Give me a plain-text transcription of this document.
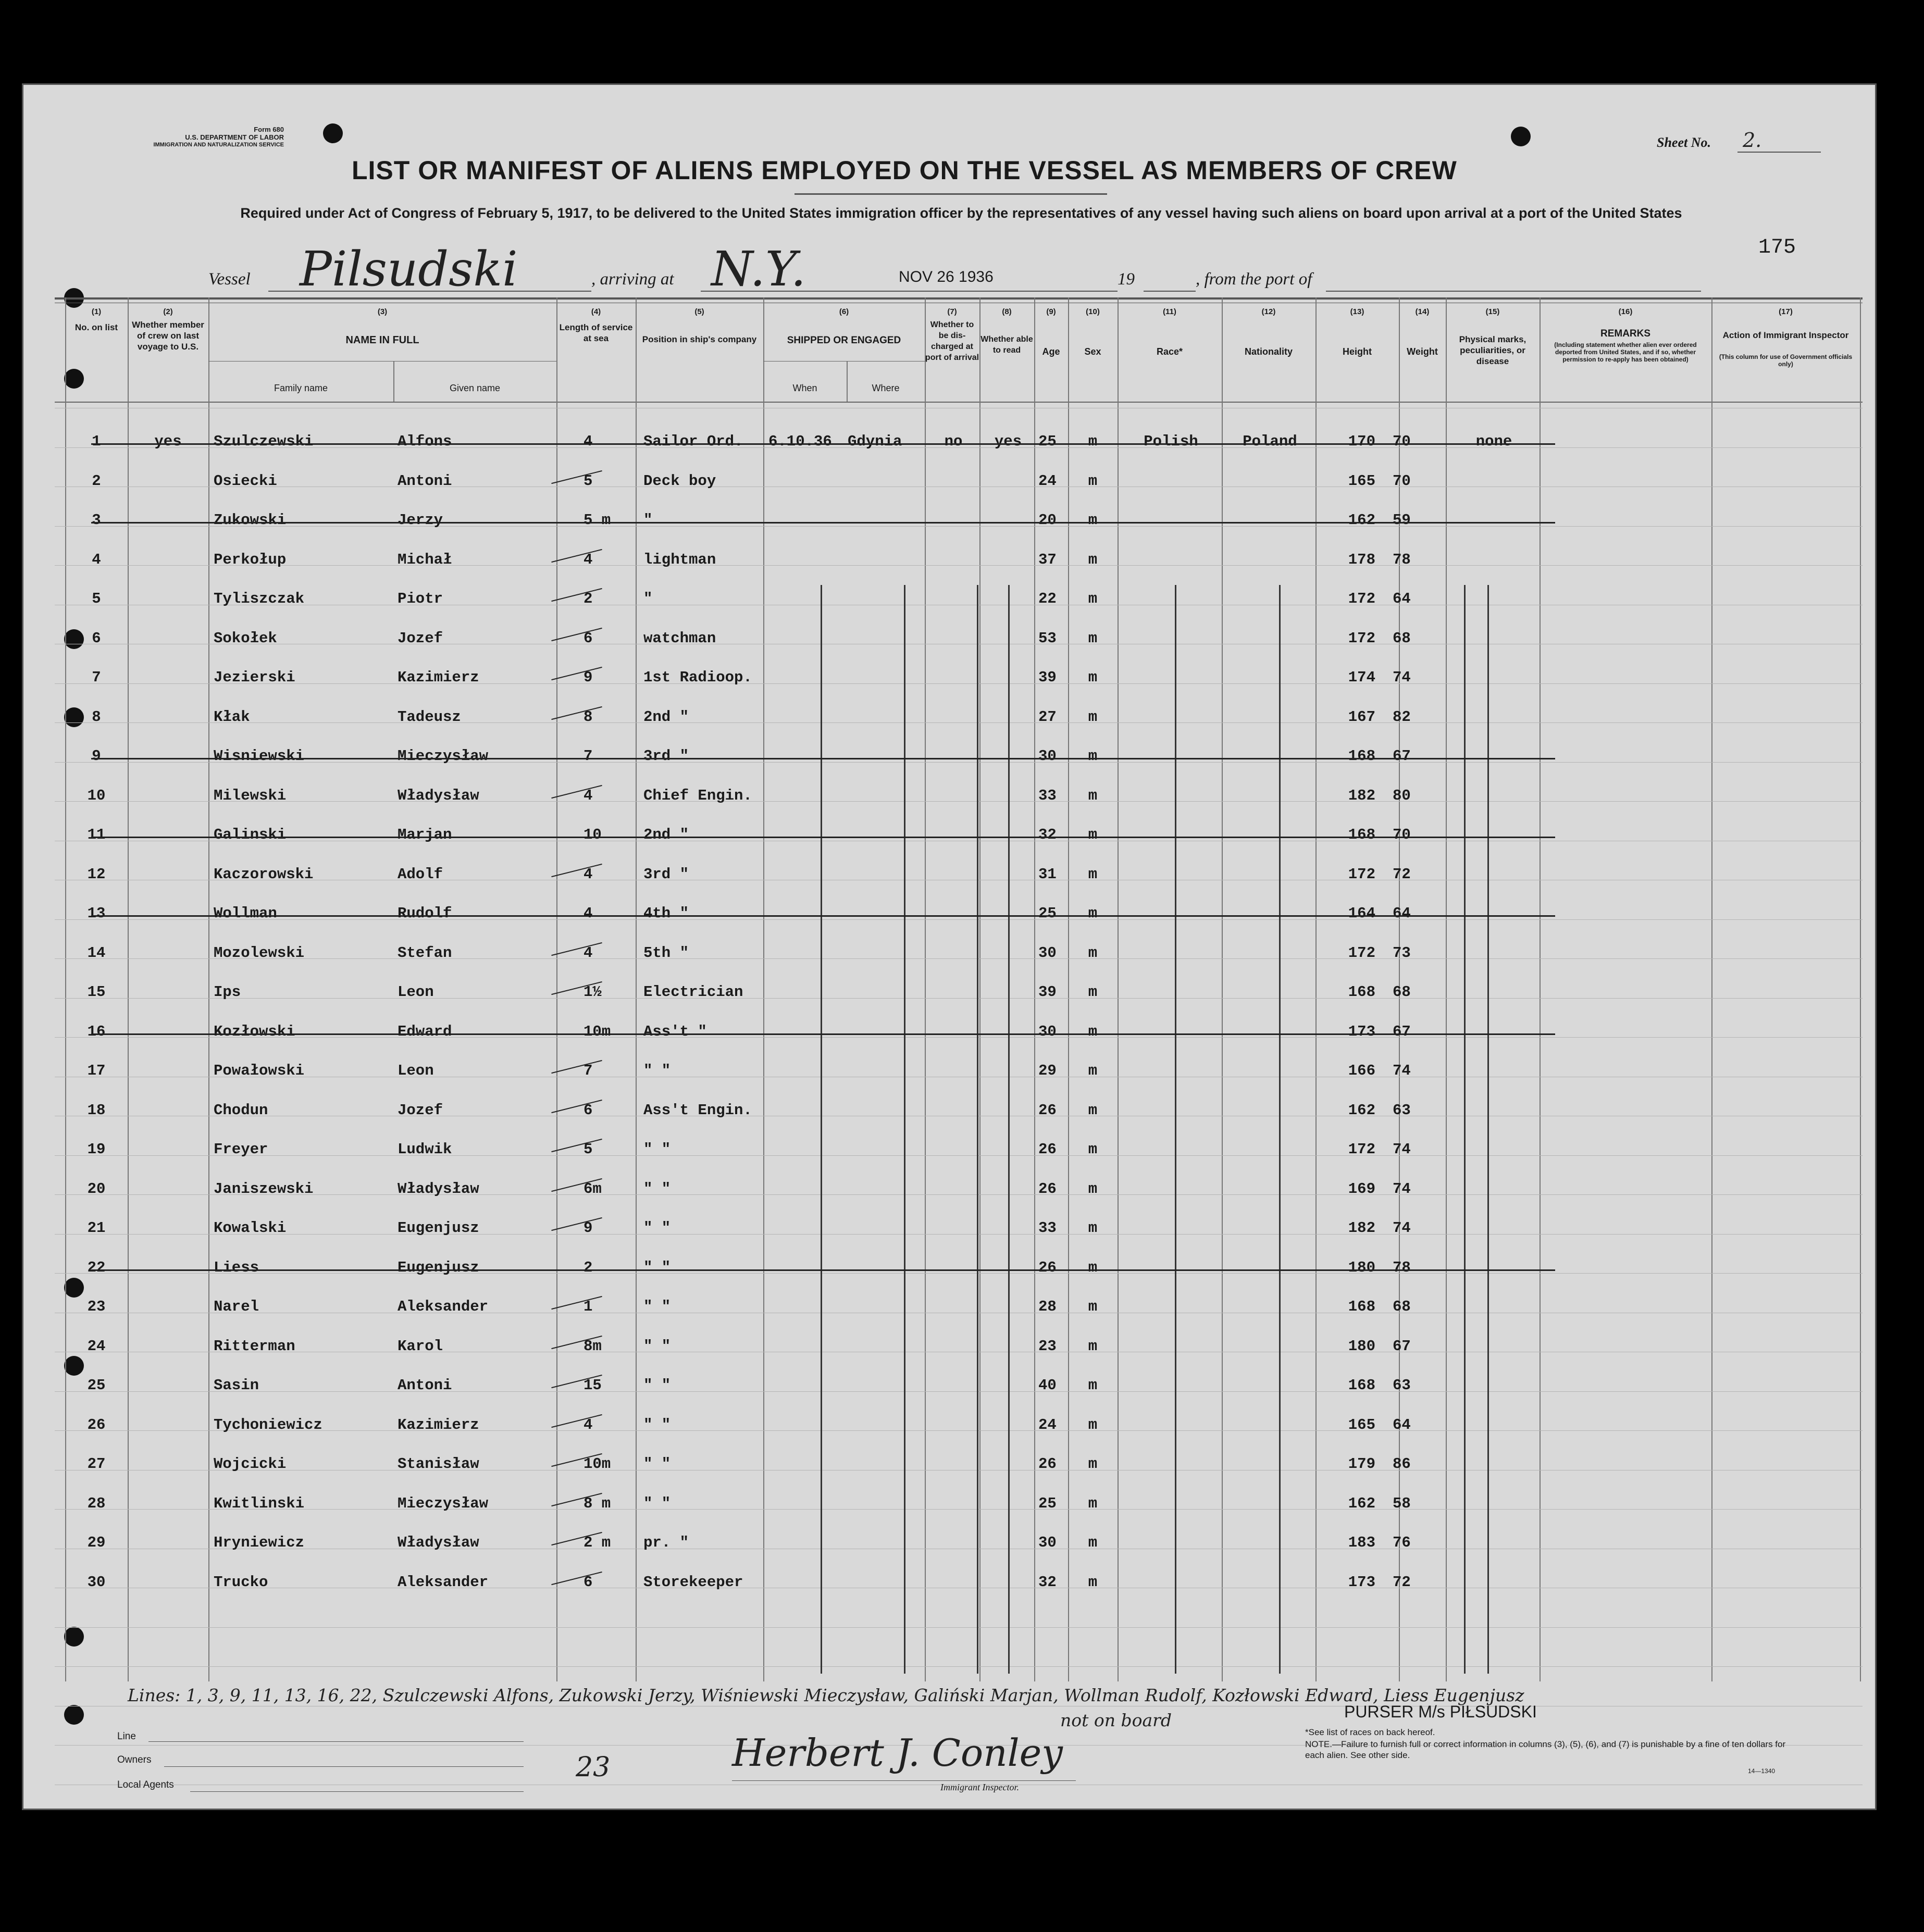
Form 680
U.S. DEPARTMENT OF LABOR
IMMIGRATION AND NATURALIZATION SERVICE	Sheet No. 2.
LIST OR MANIFEST OF ALIENS EMPLOYED ON THE VESSEL AS MEMBERS OF CREW
Required under Act of Congress of February 5, 1917, to be delivered to the United States immigration officer by the representatives of any vessel having such aliens on board upon arrival at a port of the United States
175
Vessel Pilsudski	, arriving at N.Y.	NOV 26 1936	19	, from the port of
(1)	(2)	(3)	(4)	(5)	(6)	(7)	(8)	(9)	(10)	(11)	(12)	(13)	(14)	(15)	(16)	(17)
No. on list	Whether member of crew on last voyage to U.S.
NAME IN FULL
Family name	Given name
Length of service at sea	Position in ship's company	SHIPPED OR ENGAGED
When	Where
Whether to be dis-charged at port of arrival
Whether able to read	Age	Sex	Race*	Nationality	Height	Weight
Physical marks, peculiarities, or disease
REMARKS
(Including statement whether alien ever ordered deported from United States, and if so, whether permission to re-apply has been obtained)
Action of Immigrant Inspector
(This column for use of Government officials only)
1	yes	Szulczewski	Alfons	4	Sailor Ord.	6.10.36	Gdynia	no	yes	25	m	Polish	Poland	170 70	none
2	Osiecki	Antoni	5	Deck boy	24	m	165 70
3	Zukowski	Jerzy	5 m	"	20	m	162 59
4	Perkołup	Michał	4	lightman	37	m	178 78
5	Tyliszczak	Piotr	2	"	22	m	172 64
6	Sokołek	Jozef	6	watchman	53	m	172 68
7	Jezierski	Kazimierz	9	1st Radioop.	39	m	174 74
8	Kłak	Tadeusz	8	2nd "	27	m	167 82
9	Wisniewski	Mieczysław	7	3rd "	30	m	168 67
10	Milewski	Władysław	4	Chief Engin.	33	m	182 80
11	Galinski	Marjan	10	2nd "	32	m	168 70
12	Kaczorowski	Adolf	4	3rd "	31	m	172 72
13	Wollman	Rudolf	4	4th "	25	m	164 64
14	Mozolewski	Stefan	4	5th "	30	m	172 73
15	Ips	Leon	1½	Electrician	39	m	168 68
16	Kozłowski	Edward	10m	Ass't "	30	m	173 67
17	Powałowski	Leon	7	" "	29	m	166 74
18	Chodun	Jozef	6	Ass't Engin.	26	m	162 63
19	Freyer	Ludwik	5	" "	26	m	172 74
20	Janiszewski	Władysław	6m	" "	26	m	169 74
21	Kowalski	Eugenjusz	9	" "	33	m	182 74
22	Liess	Eugenjusz	2	" "	26	m	180 78
23	Narel	Aleksander	1	" "	28	m	168 68
24	Ritterman	Karol	8m	" "	23	m	180 67
25	Sasin	Antoni	15	" "	40	m	168 63
26	Tychoniewicz	Kazimierz	4	" "	24	m	165 64
27	Wojcicki	Stanisław	10m	" "	26	m	179 86
28	Kwitlinski	Mieczysław	8 m	" "	25	m	162 58
29	Hryniewicz	Władysław	2 m	pr. "	30	m	183 76
30	Trucko	Aleksander	6	Storekeeper	32	m	173 72
Lines: 1, 3, 9, 11, 13, 16, 22, Szulczewski Alfons, Zukowski Jerzy, Wiśniewski Mieczysław, Galiński Marjan, Wollman Rudolf, Kozłowski Edward, Liess Eugenjusz
not on board
Line
Owners
Local Agents
23	Herbert J. Conley
Immigrant Inspector.
PURSER M/s PIŁSUDSKI
*See list of races on back hereof.
NOTE.—Failure to furnish full or correct information in columns (3), (5), (6), and (7) is punishable by a fine of ten dollars for each alien. See other side.
14—1340
